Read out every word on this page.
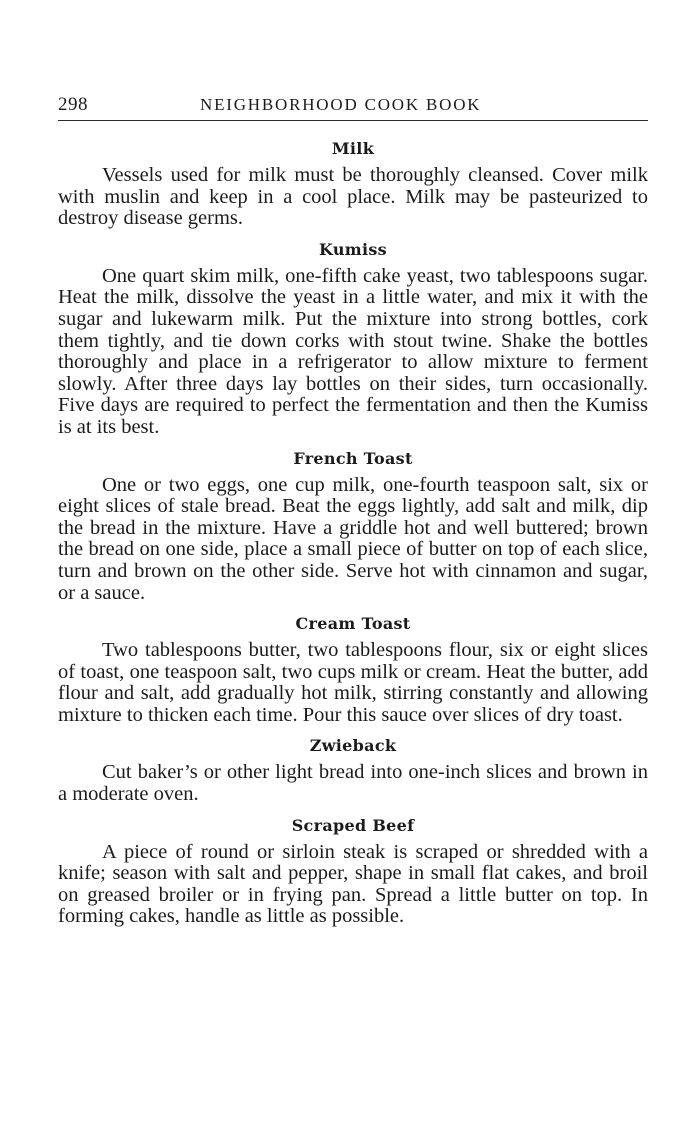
298	NEIGHBORHOOD COOK BOOK
Milk

Vessels used for milk must be thoroughly cleansed. Cover milk with muslin and keep in a cool place. Milk may be pasteurized to destroy disease germs.

Kumiss

One quart skim milk, one-fifth cake yeast, two tablespoons sugar. Heat the milk, dissolve the yeast in a little water, and mix it with the sugar and lukewarm milk. Put the mixture into strong bottles, cork them tightly, and tie down corks with stout twine. Shake the bottles thoroughly and place in a refrigerator to allow mixture to ferment slowly. After three days lay bottles on their sides, turn occasionally. Five days are required to perfect the fermentation and then the Kumiss is at its best.

French Toast

One or two eggs, one cup milk, one-fourth teaspoon salt, six or eight slices of stale bread. Beat the eggs lightly, add salt and milk, dip the bread in the mixture. Have a griddle hot and well buttered; brown the bread on one side, place a small piece of butter on top of each slice, turn and brown on the other side. Serve hot with cinnamon and sugar, or a sauce.

Cream Toast

Two tablespoons butter, two tablespoons flour, six or eight slices of toast, one teaspoon salt, two cups milk or cream. Heat the butter, add flour and salt, add gradually hot milk, stirring constantly and allowing mixture to thicken each time. Pour this sauce over slices of dry toast.

Zwieback

Cut baker’s or other light bread into one-inch slices and brown in a moderate oven.

Scraped Beef

A piece of round or sirloin steak is scraped or shredded with a knife; season with salt and pepper, shape in small flat cakes, and broil on greased broiler or in frying pan. Spread a little butter on top. In forming cakes, handle as little as possible.
